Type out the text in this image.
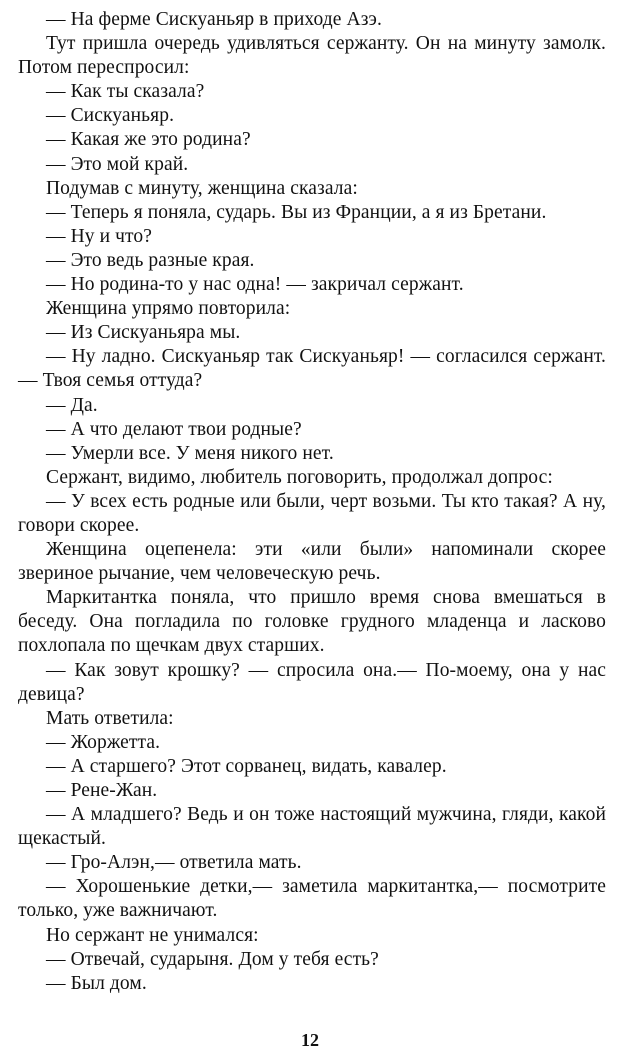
— На ферме Сискуаньяр в приходе Азэ.

Тут пришла очередь удивляться сержанту. Он на минуту замолк. Потом переспросил:

— Как ты сказала?

— Сискуаньяр.

— Какая же это родина?

— Это мой край.

Подумав с минуту, женщина сказала:

— Теперь я поняла, сударь. Вы из Франции, а я из Бретани.

— Ну и что?

— Это ведь разные края.

— Но родина-то у нас одна! — закричал сержант.

Женщина упрямо повторила:

— Из Сискуаньяра мы.

— Ну ладно. Сискуаньяр так Сискуаньяр! — согласился сержант.— Твоя семья оттуда?

— Да.

— А что делают твои родные?

— Умерли все. У меня никого нет.

Сержант, видимо, любитель поговорить, продолжал допрос:

— У всех есть родные или были, черт возьми. Ты кто такая? А ну, говори скорее.

Женщина оцепенела: эти «или были» напоминали скорее звериное рычание, чем человеческую речь.

Маркитантка поняла, что пришло время снова вмешаться в беседу. Она погладила по головке грудного младенца и ласково похлопала по щечкам двух старших.

— Как зовут крошку? — спросила она.— По-моему, она у нас девица?

Мать ответила:

— Жоржетта.

— А старшего? Этот сорванец, видать, кавалер.

— Рене-Жан.

— А младшего? Ведь и он тоже настоящий мужчина, гляди, какой щекастый.

— Гро-Алэн,— ответила мать.

— Хорошенькие детки,— заметила маркитантка,— посмотрите только, уже важничают.

Но сержант не унимался:

— Отвечай, сударыня. Дом у тебя есть?

— Был дом.

12
